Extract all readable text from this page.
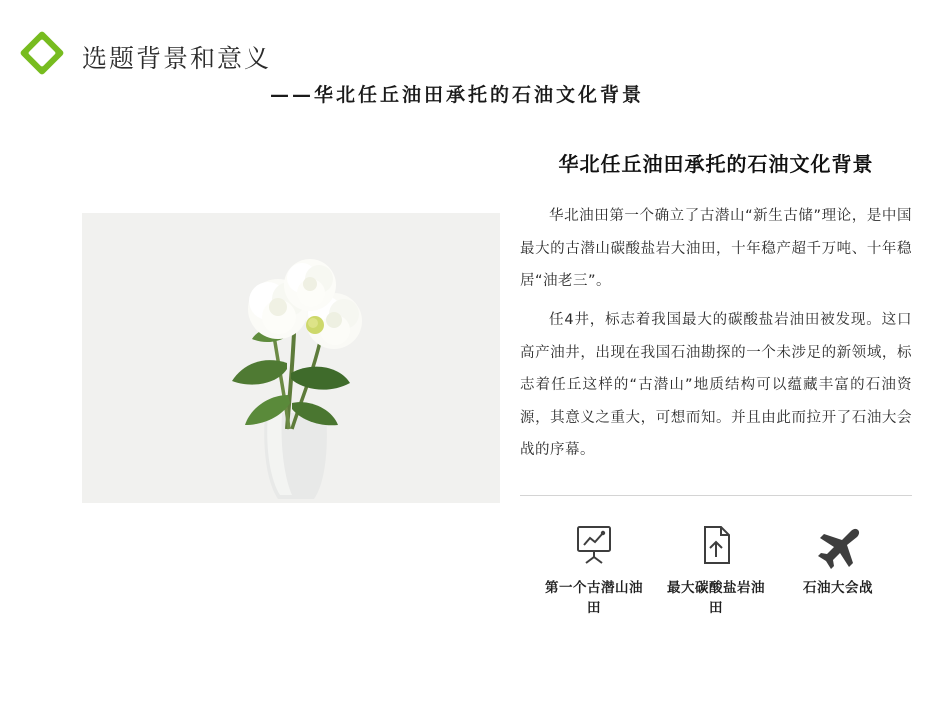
选题背景和意义
——华北任丘油田承托的石油文化背景
华北任丘油田承托的石油文化背景

华北油田第一个确立了古潜山“新生古储”理论，是中国最大的古潜山碳酸盐岩大油田，十年稳产超千万吨、十年稳居“油老三”。

任4井，标志着我国最大的碳酸盐岩油田被发现。这口高产油井，出现在我国石油勘探的一个未涉足的新领域，标志着任丘这样的“古潜山”地质结构可以蕴藏丰富的石油资源，其意义之重大，可想而知。并且由此而拉开了石油大会战的序幕。

第一个古潜山油田
最大碳酸盐岩油田
石油大会战
